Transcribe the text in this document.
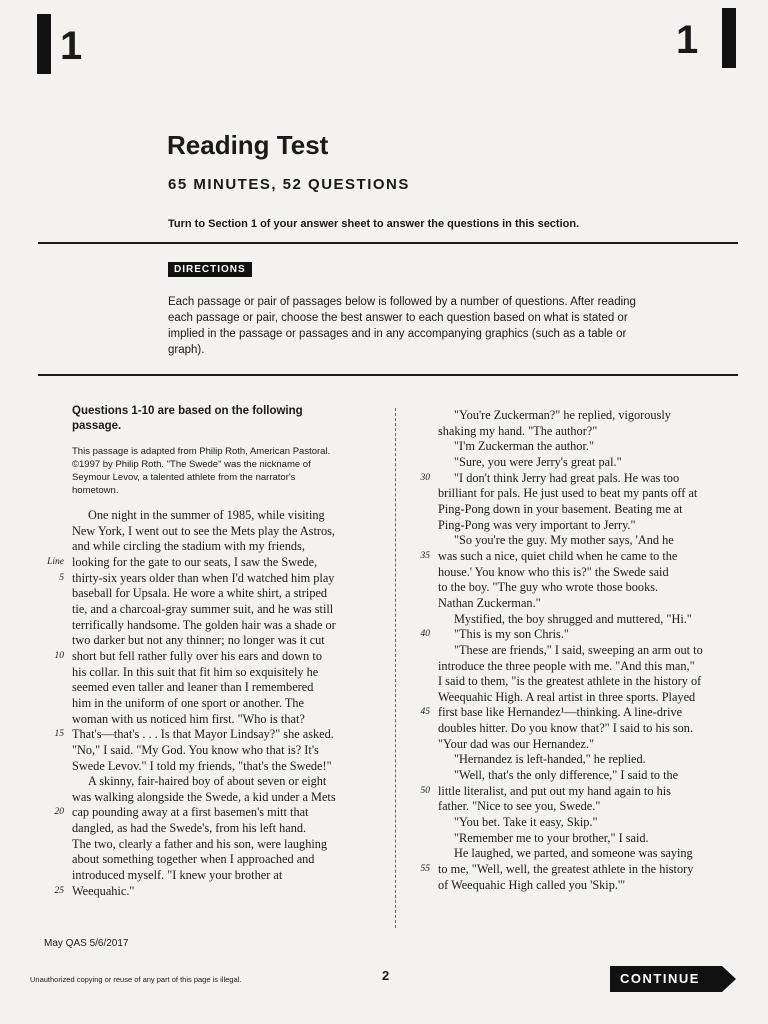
1	1
Reading Test
65 MINUTES, 52 QUESTIONS
Turn to Section 1 of your answer sheet to answer the questions in this section.
DIRECTIONS
Each passage or pair of passages below is followed by a number of questions. After reading
each passage or pair, choose the best answer to each question based on what is stated or
implied in the passage or passages and in any accompanying graphics (such as a table or
graph).
Questions 1-10 are based on the following
passage.
This passage is adapted from Philip Roth, American Pastoral.
©1997 by Philip Roth. "The Swede" was the nickname of
Seymour Levov, a talented athlete from the narrator's
hometown.
One night in the summer of 1985, while visiting
New York, I went out to see the Mets play the Astros,
and while circling the stadium with my friends,
Line looking for the gate to our seats, I saw the Swede,
5 thirty-six years older than when I'd watched him play
baseball for Upsala. He wore a white shirt, a striped
tie, and a charcoal-gray summer suit, and he was still
terrifically handsome. The golden hair was a shade or
two darker but not any thinner; no longer was it cut
10 short but fell rather fully over his ears and down to
his collar. In this suit that fit him so exquisitely he
seemed even taller and leaner than I remembered
him in the uniform of one sport or another. The
woman with us noticed him first. "Who is that?
15 That's—that's . . . Is that Mayor Lindsay?" she asked.
"No," I said. "My God. You know who that is? It's
Swede Levov." I told my friends, "that's the Swede!"
A skinny, fair-haired boy of about seven or eight
was walking alongside the Swede, a kid under a Mets
20 cap pounding away at a first basemen's mitt that
dangled, as had the Swede's, from his left hand.
The two, clearly a father and his son, were laughing
about something together when I approached and
introduced myself. "I knew your brother at
25 Weequahic."
"You're Zuckerman?" he replied, vigorously
shaking my hand. "The author?"
"I'm Zuckerman the author."
"Sure, you were Jerry's great pal."
30 "I don't think Jerry had great pals. He was too
brilliant for pals. He just used to beat my pants off at
Ping-Pong down in your basement. Beating me at
Ping-Pong was very important to Jerry."
"So you're the guy. My mother says, 'And he
35 was such a nice, quiet child when he came to the
house.' You know who this is?" the Swede said
to the boy. "The guy who wrote those books.
Nathan Zuckerman."
Mystified, the boy shrugged and muttered, "Hi."
40 "This is my son Chris."
"These are friends," I said, sweeping an arm out to
introduce the three people with me. "And this man,"
I said to them, "is the greatest athlete in the history of
Weequahic High. A real artist in three sports. Played
45 first base like Hernandez¹—thinking. A line-drive
doubles hitter. Do you know that?" I said to his son.
"Your dad was our Hernandez."
"Hernandez is left-handed," he replied.
"Well, that's the only difference," I said to the
50 little literalist, and put out my hand again to his
father. "Nice to see you, Swede."
"You bet. Take it easy, Skip."
"Remember me to your brother," I said.
He laughed, we parted, and someone was saying
55 to me, "Well, well, the greatest athlete in the history
of Weequahic High called you 'Skip.'"
May QAS 5/6/2017
Unauthorized copying or reuse of any part of this page is illegal.	2	CONTINUE
